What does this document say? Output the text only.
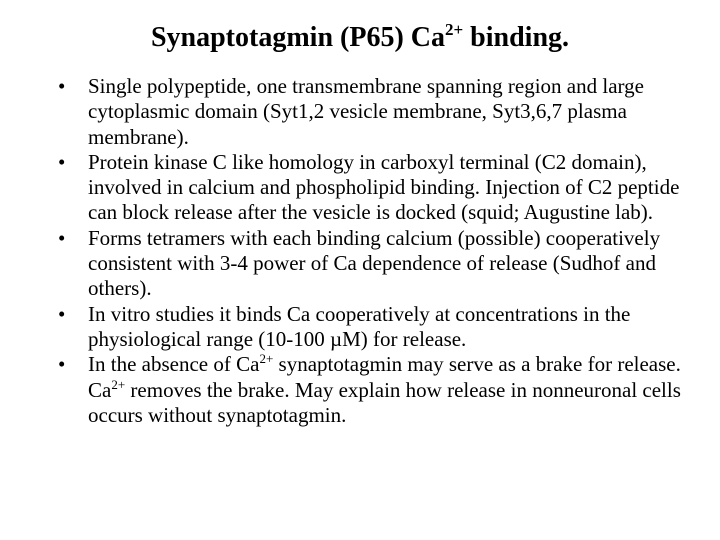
Synaptotagmin (P65) $Ca^{2+}$ binding.
•	Single polypeptide, one transmembrane spanning region and large cytoplasmic domain (Syt1,2 vesicle membrane, Syt3,6,7 plasma membrane).
•	Protein kinase C like homology in carboxyl terminal (C2 domain), involved in calcium and phospholipid binding. Injection of C2 peptide can block release after the vesicle is docked (squid; Augustine lab).
•	Forms tetramers with each binding calcium (possible) cooperatively consistent with 3-4 power of Ca dependence of release (Sudhof and others).
•	In vitro studies it binds Ca cooperatively at concentrations in the physiological range (10-100 µM) for release.
•	In the absence of $Ca^{2+}$ synaptotagmin may serve as a brake for release. $Ca^{2+}$ removes the brake. May explain how release in nonneuronal cells occurs without synaptotagmin.
